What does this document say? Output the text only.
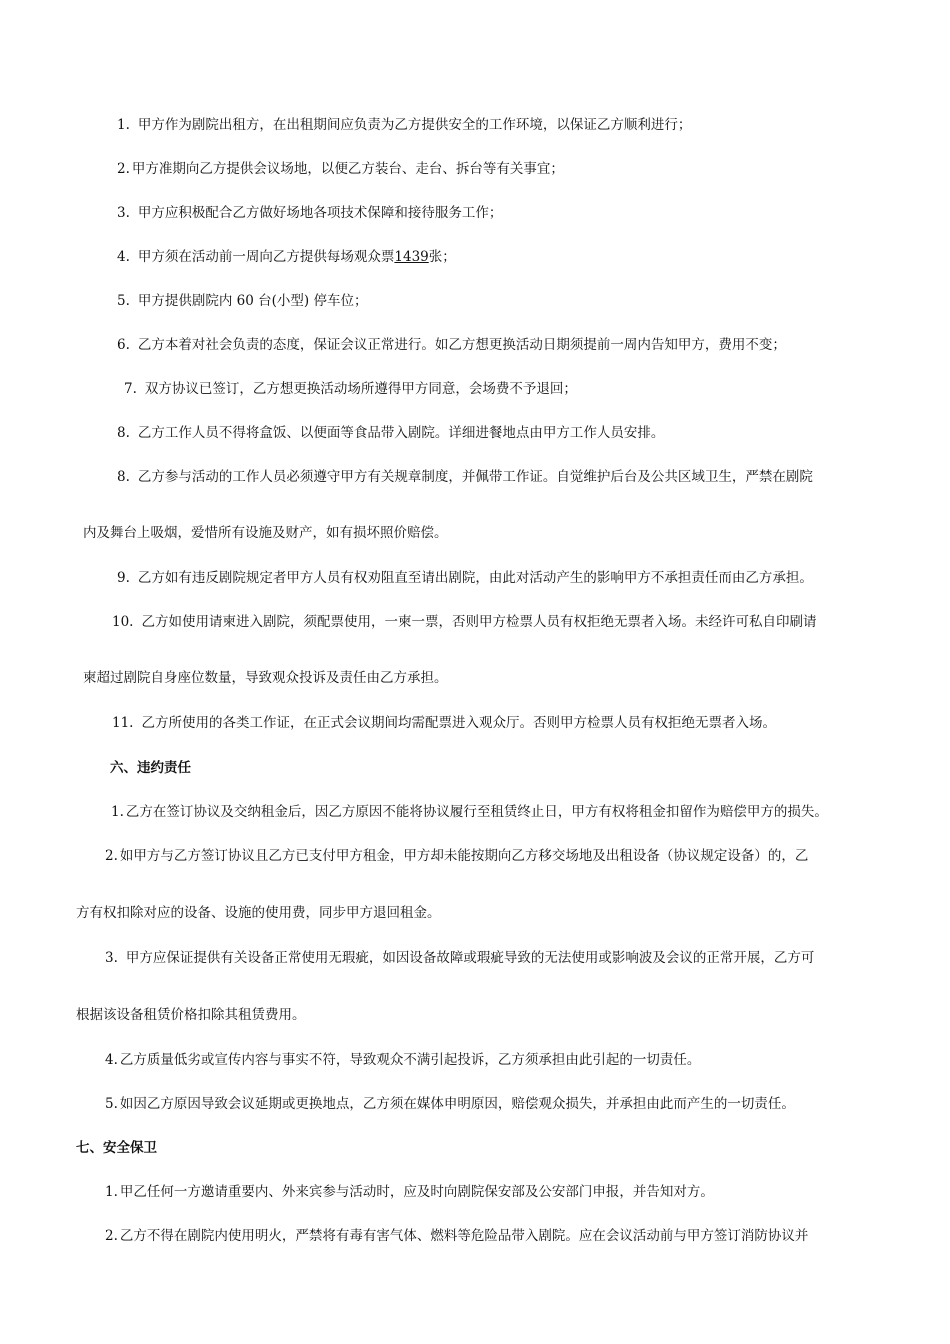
1. 甲方作为剧院出租方，在出租期间应负责为乙方提供安全的工作环境，以保证乙方顺利进行；
2. 甲方准期向乙方提供会议场地，以便乙方装台、走台、拆台等有关事宜；
3. 甲方应积极配合乙方做好场地各项技术保障和接待服务工作；
4. 甲方须在活动前一周向乙方提供每场观众票1439张；
5. 甲方提供剧院内 60 台(小型) 停车位；
6. 乙方本着对社会负责的态度，保证会议正常进行。如乙方想更换活动日期须提前一周内告知甲方，费用不变；
7. 双方协议已签订，乙方想更换活动场所遵得甲方同意，会场费不予退回；
8. 乙方工作人员不得将盒饭、以便面等食品带入剧院。详细进餐地点由甲方工作人员安排。
8. 乙方参与活动的工作人员必须遵守甲方有关规章制度，并佩带工作证。自觉维护后台及公共区域卫生，严禁在剧院
内及舞台上吸烟，爱惜所有设施及财产，如有损坏照价赔偿。
9. 乙方如有违反剧院规定者甲方人员有权劝阻直至请出剧院，由此对活动产生的影响甲方不承担责任而由乙方承担。
10. 乙方如使用请柬进入剧院，须配票使用，一柬一票，否则甲方检票人员有权拒绝无票者入场。未经许可私自印刷请
柬超过剧院自身座位数量，导致观众投诉及责任由乙方承担。
11. 乙方所使用的各类工作证，在正式会议期间均需配票进入观众厅。否则甲方检票人员有权拒绝无票者入场。
六、违约责任
1. 乙方在签订协议及交纳租金后，因乙方原因不能将协议履行至租赁终止日，甲方有权将租金扣留作为赔偿甲方的损失。
2. 如甲方与乙方签订协议且乙方已支付甲方租金，甲方却未能按期向乙方移交场地及出租设备（协议规定设备）的，乙
方有权扣除对应的设备、设施的使用费，同步甲方退回租金。
3. 甲方应保证提供有关设备正常使用无瑕疵，如因设备故障或瑕疵导致的无法使用或影响波及会议的正常开展，乙方可
根据该设备租赁价格扣除其租赁费用。
4. 乙方质量低劣或宣传内容与事实不符，导致观众不满引起投诉，乙方须承担由此引起的一切责任。
5. 如因乙方原因导致会议延期或更换地点，乙方须在媒体申明原因，赔偿观众损失，并承担由此而产生的一切责任。
七、安全保卫
1. 甲乙任何一方邀请重要内、外来宾参与活动时，应及时向剧院保安部及公安部门申报，并告知对方。
2. 乙方不得在剧院内使用明火，严禁将有毒有害气体、燃料等危险品带入剧院。应在会议活动前与甲方签订消防协议并
